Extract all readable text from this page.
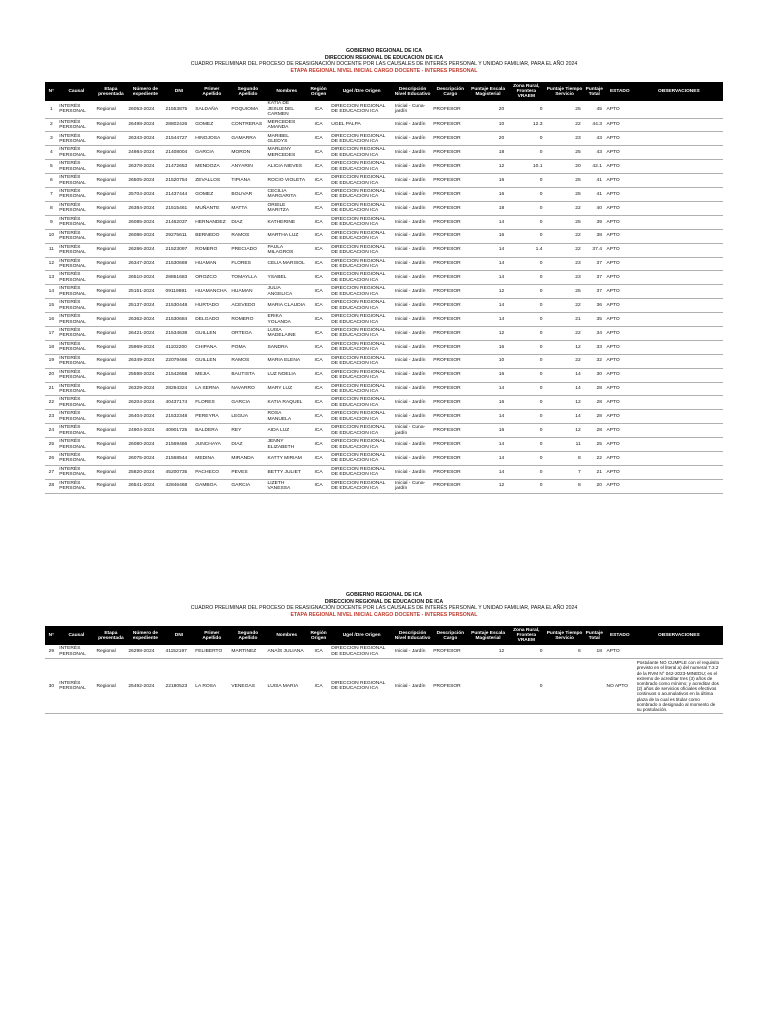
GOBIERNO REGIONAL DE ICA
DIRECCION REGIONAL DE EDUCACION DE ICA
CUADRO PRELIMINAR DEL PROCESO DE REASIGNACIÓN DOCENTE POR LAS CAUSALES DE INTERÉS PERSONAL Y UNIDAD FAMILIAR, PARA EL AÑO 2024
ETAPA REGIONAL NIVEL INICIAL CARGO DOCENTE - INTERES PERSONAL
N°	Causal	Etapa presentada	Número de expediente	DNI	Primer Apellido	Segundo Apellido	Nombres	Región Origen	Ugel /Dre Origen	Descripción Nivel Educativo	Descripción Cargo	Puntaje Escala Magisterial	Zona Rural, Frontera VRAEM	Puntaje Tiempo Servicio	Puntaje Total	ESTADO	OBSERVACIONES
1	INTERÉS PERSONAL	Regional	26053-2024	21553875	SALDAÑA	POQUIOMA	KATIA DE JESUS DEL CARMEN	ICA	DIRECCION REGIONAL DE EDUCACION ICA	Inicial - Cuna-jardín	PROFESOR	20	0	25	45	APTO	
2	INTERÉS PERSONAL	Regional	26498-2024	28802426	GOMEZ	CONTRERAS	MERCEDES AMANDA	ICA	UGEL PALPA	Inicial - Jardín	PROFESOR	10	12.3	22	44.3	APTO	
3	INTERÉS PERSONAL	Regional	26343-2024	21544727	HINOJOSA	GAMARRA	MARIBEL GLEDYS	ICA	DIRECCION REGIONAL DE EDUCACION ICA	Inicial - Jardín	PROFESOR	20	0	23	43	APTO	
4	INTERÉS PERSONAL	Regional	24984-2024	21408004	GARCIA	MORON	MARLENY MERCEDES	ICA	DIRECCION REGIONAL DE EDUCACION ICA	Inicial - Jardín	PROFESOR	18	0	25	43	APTO	
5	INTERÉS PERSONAL	Regional	26378-2024	21472653	MENDOZA	ANYARIN	ALICIA NIEVES	ICA	DIRECCION REGIONAL DE EDUCACION ICA	Inicial - Jardín	PROFESOR	12	10.1	20	42.1	APTO	
6	INTERÉS PERSONAL	Regional	26505-2024	21520754	ZEVALLOS	TIPIANA	ROCIO VIOLETA	ICA	DIRECCION REGIONAL DE EDUCACION ICA	Inicial - Jardín	PROFESOR	16	0	25	41	APTO	
7	INTERÉS PERSONAL	Regional	25704-2024	21437444	GOMEZ	BOLIVAR	CECILIA MARGARITA	ICA	DIRECCION REGIONAL DE EDUCACION ICA	Inicial - Jardín	PROFESOR	16	0	25	41	APTO	
8	INTERÉS PERSONAL	Regional	26384-2024	21515461	MUÑANTE	MATTA	ORIELE MARITZA	ICA	DIRECCION REGIONAL DE EDUCACION ICA	Inicial - Jardín	PROFESOR	18	0	22	40	APTO	
9	INTERÉS PERSONAL	Regional	26085-2024	21462037	HERNANDEZ	DIAZ	KATHERINE	ICA	DIRECCION REGIONAL DE EDUCACION ICA	Inicial - Jardín	PROFESOR	14	0	25	39	APTO	
10	INTERÉS PERSONAL	Regional	26086-2024	29275611	BERNEDO	RAMOS	MARTHA LUZ	ICA	DIRECCION REGIONAL DE EDUCACION ICA	Inicial - Jardín	PROFESOR	16	0	22	38	APTO	
11	INTERÉS PERSONAL	Regional	26286-2024	21523097	ROMERO	PRECIADO	PAULA MILAGROS	ICA	DIRECCION REGIONAL DE EDUCACION ICA	Inicial - Jardín	PROFESOR	14	1.4	22	37.4	APTO	
12	INTERÉS PERSONAL	Regional	26347-2024	21530669	HUAMAN	FLORES	CELIA MARISOL	ICA	DIRECCION REGIONAL DE EDUCACION ICA	Inicial - Jardín	PROFESOR	14	0	23	37	APTO	
13	INTERÉS PERSONAL	Regional	26510-2024	28851683	OROZCO	TOMAYLLA	YSABEL	ICA	DIRECCION REGIONAL DE EDUCACION ICA	Inicial - Jardín	PROFESOR	14	0	23	37	APTO	
14	INTERÉS PERSONAL	Regional	25151-2024	09119881	HUAMANCHA	HUAMAN	JULIA ANGELICA	ICA	DIRECCION REGIONAL DE EDUCACION ICA	Inicial - Jardín	PROFESOR	12	0	25	37	APTO	
15	INTERÉS PERSONAL	Regional	25137-2024	21530448	HURTADO	ACEVEDO	MARIA CLAUDIA	ICA	DIRECCION REGIONAL DE EDUCACION ICA	Inicial - Jardín	PROFESOR	14	0	22	36	APTO	
16	INTERÉS PERSONAL	Regional	26362-2024	21530684	DELGADO	ROMERO	ERIKA YOLANDA	ICA	DIRECCION REGIONAL DE EDUCACION ICA	Inicial - Jardín	PROFESOR	14	0	21	35	APTO	
17	INTERÉS PERSONAL	Regional	26421-2024	21534638	GUILLEN	ORTEGA	LUISA MADELAINE	ICA	DIRECCION REGIONAL DE EDUCACION ICA	Inicial - Jardín	PROFESOR	12	0	22	34	APTO	
18	INTERÉS PERSONAL	Regional	25969-2024	41102200	CHIPANA	POMA	SANDRA	ICA	DIRECCION REGIONAL DE EDUCACION ICA	Inicial - Jardín	PROFESOR	16	0	12	33	APTO	
19	INTERÉS PERSONAL	Regional	26349-2024	22079466	GUILLEN	RAMOS	MARIA ELENA	ICA	DIRECCION REGIONAL DE EDUCACION ICA	Inicial - Jardín	PROFESOR	10	0	22	32	APTO	
20	INTERÉS PERSONAL	Regional	25598-2024	21542658	MEJIA	BAUTISTA	LUZ NOELIA	ICA	DIRECCION REGIONAL DE EDUCACION ICA	Inicial - Jardín	PROFESOR	16	0	14	30	APTO	
21	INTERÉS PERSONAL	Regional	26329-2024	28294324	LA SERNA	NAVARRO	MARY LUZ	ICA	DIRECCION REGIONAL DE EDUCACION ICA	Inicial - Jardín	PROFESOR	14	0	14	28	APTO	
22	INTERÉS PERSONAL	Regional	26204-2024	40437174	FLORES	GARCIA	KATIA RAQUEL	ICA	DIRECCION REGIONAL DE EDUCACION ICA	Inicial - Jardín	PROFESOR	16	0	12	28	APTO	
23	INTERÉS PERSONAL	Regional	26404-2024	21532348	PEREYRA	LEGUA	ROSA MANUELA	ICA	DIRECCION REGIONAL DE EDUCACION ICA	Inicial - Jardín	PROFESOR	14	0	14	28	APTO	
24	INTERÉS PERSONAL	Regional	24904-2024	40901725	BALDERA	REY	AIDA LUZ	ICA	DIRECCION REGIONAL DE EDUCACION ICA	Inicial - Cuna-jardín	PROFESOR	16	0	12	28	APTO	
25	INTERÉS PERSONAL	Regional	26080-2024	21569466	JUNCHAYA	DIAZ	JENNY ELIZABETH	ICA	DIRECCION REGIONAL DE EDUCACION ICA	Inicial - Jardín	PROFESOR	14	0	11	25	APTO	
26	INTERÉS PERSONAL	Regional	26075-2024	21568544	MEDINA	MIRANDA	KATTY MIRIAM	ICA	DIRECCION REGIONAL DE EDUCACION ICA	Inicial - Jardín	PROFESOR	14	0	8	22	APTO	
27	INTERÉS PERSONAL	Regional	25820-2024	45200735	PACHECO	PEVES	BETTY JULIET	ICA	DIRECCION REGIONAL DE EDUCACION ICA	Inicial - Jardín	PROFESOR	14	0	7	21	APTO	
28	INTERÉS PERSONAL	Regional	26541-2024	42846468	GAMBOA	GARCIA	LIZETH VANESSA	ICA	DIRECCION REGIONAL DE EDUCACION ICA	Inicial - Cuna-jardín	PROFESOR	12	0	8	20	APTO	
GOBIERNO REGIONAL DE ICA
DIRECCION REGIONAL DE EDUCACION DE ICA
CUADRO PRELIMINAR DEL PROCESO DE REASIGNACIÓN DOCENTE POR LAS CAUSALES DE INTERÉS PERSONAL Y UNIDAD FAMILIAR, PARA EL AÑO 2024
ETAPA REGIONAL NIVEL INICIAL CARGO DOCENTE - INTERES PERSONAL
N°	Causal	Etapa presentada	Número de expediente	DNI	Primer Apellido	Segundo Apellido	Nombres	Región Origen	Ugel /Dre Origen	Descripción Nivel Educativo	Descripción Cargo	Puntaje Escala Magisterial	Zona Rural, Frontera VRAEM	Puntaje Tiempo Servicio	Puntaje Total	ESTADO	OBSERVACIONES
29	INTERÉS PERSONAL	Regional	26298-2024	41152197	FELIBERTO	MARTINEZ	ANAÍS JULIANA	ICA	DIRECCION REGIONAL DE EDUCACION ICA	Inicial - Jardín	PROFESOR	12	0	6	18	APTO	
30	INTERÉS PERSONAL	Regional	25492-2024	22180523	LA ROSA	VENEGAS	LUISA MARIA	ICA	DIRECCION REGIONAL DE EDUCACION ICA	Inicial - Jardín	PROFESOR		0			NO APTO	Postulante NO CUMPLE con el requisito previsto en el literal a) del numeral 7.3.2 de la RVM N° 042-2023-MINEDU; es el extremo de acreditar tres (3) años de nombrado como mínimo; y acreditar dos (2) años de servicios oficiales efectivos continuos o acumulativos en la última plaza de la cual es titular como nombrado o designado al momento de su postulación.
